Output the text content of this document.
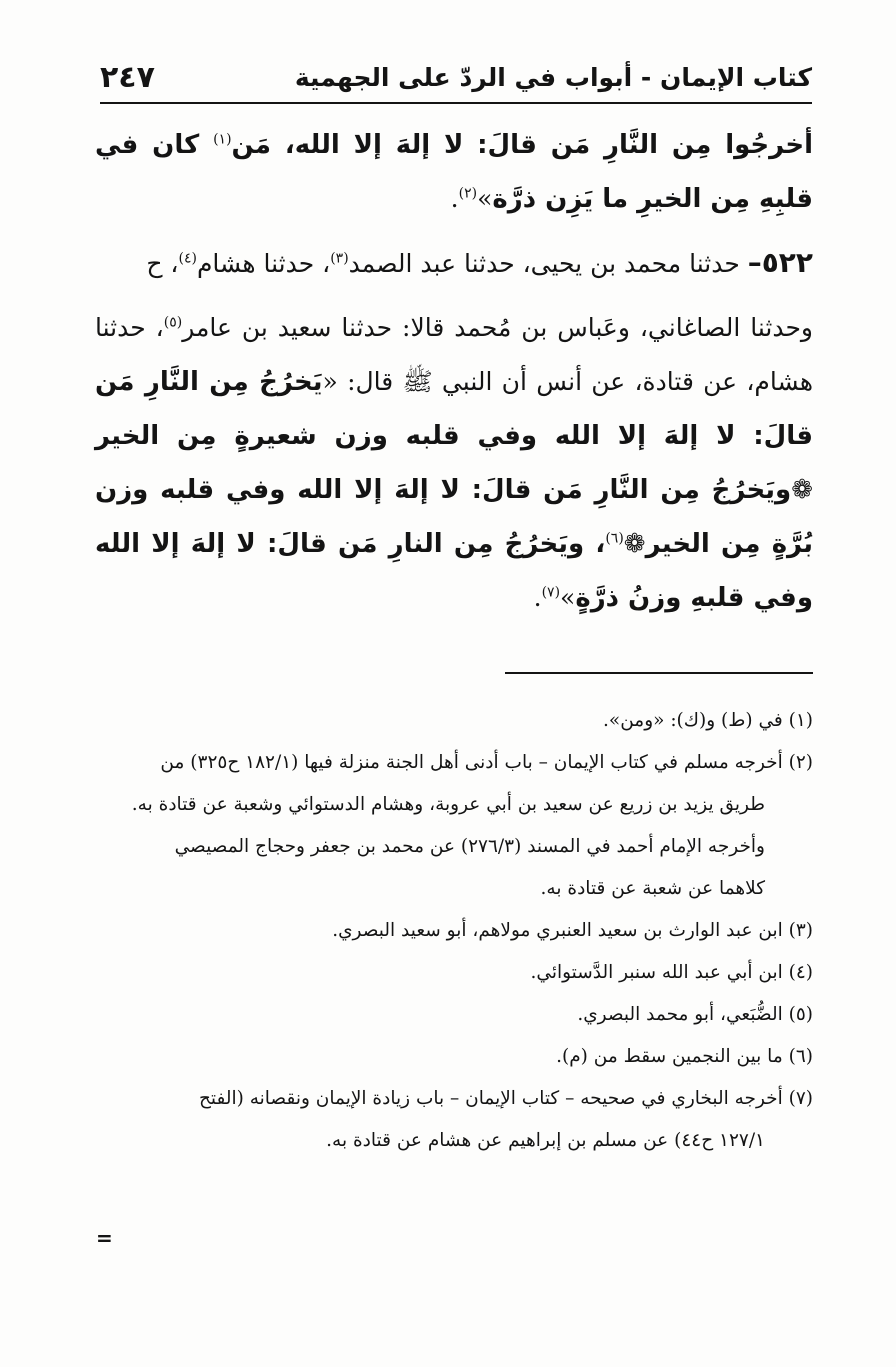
٢٤٧	كتاب الإيمان - أبواب في الردّ على الجهمية

أخرجُوا مِن النَّارِ مَن قالَ: لا إلهَ إلا الله، مَن$^{(١)}$ كان في قلبِهِ مِن الخيرِ ما يَزِن ذرَّة»$^{(٢)}$.

٥٢٢– حدثنا محمد بن يحيى، حدثنا عبد الصمد$^{(٣)}$، حدثنا هشام$^{(٤)}$، ح

وحدثنا الصاغاني، وعَباس بن مُحمد قالا: حدثنا سعيد بن عامر$^{(٥)}$، حدثنا هشام، عن قتادة، عن أنس أن النبي ﷺ قال: «يَخرُجُ مِن النَّارِ مَن قالَ: لا إلهَ إلا الله وفي قلبه وزن شعيرةٍ مِن الخير ❁ويَخرُجُ مِن النَّارِ مَن قالَ: لا إلهَ إلا الله وفي قلبه وزن بُرَّةٍ مِن الخير❁$^{(٦)}$، ويَخرُجُ مِن النارِ مَن قالَ: لا إلهَ إلا الله وفي قلبهِ وزنُ ذرَّةٍ»$^{(٧)}$.

(١) في (ط) و(ك): «ومن».

(٢) أخرجه مسلم في كتاب الإيمان – باب أدنى أهل الجنة منزلة فيها (١٨٢/١ ح٣٢٥) من

طريق يزيد بن زريع عن سعيد بن أبي عروبة، وهشام الدستوائي وشعبة عن قتادة به.

وأخرجه الإمام أحمد في المسند (٢٧٦/٣) عن محمد بن جعفر وحجاج المصيصي

كلاهما عن شعبة عن قتادة به.

(٣) ابن عبد الوارث بن سعيد العنبري مولاهم، أبو سعيد البصري.

(٤) ابن أبي عبد الله سنبر الدَّستوائي.

(٥) الضُّبَعي، أبو محمد البصري.

(٦) ما بين النجمين سقط من (م).

(٧) أخرجه البخاري في صحيحه – كتاب الإيمان – باب زيادة الإيمان ونقصانه (الفتح

١٢٧/١ ح٤٤) عن مسلم بن إبراهيم عن هشام عن قتادة به.

=
